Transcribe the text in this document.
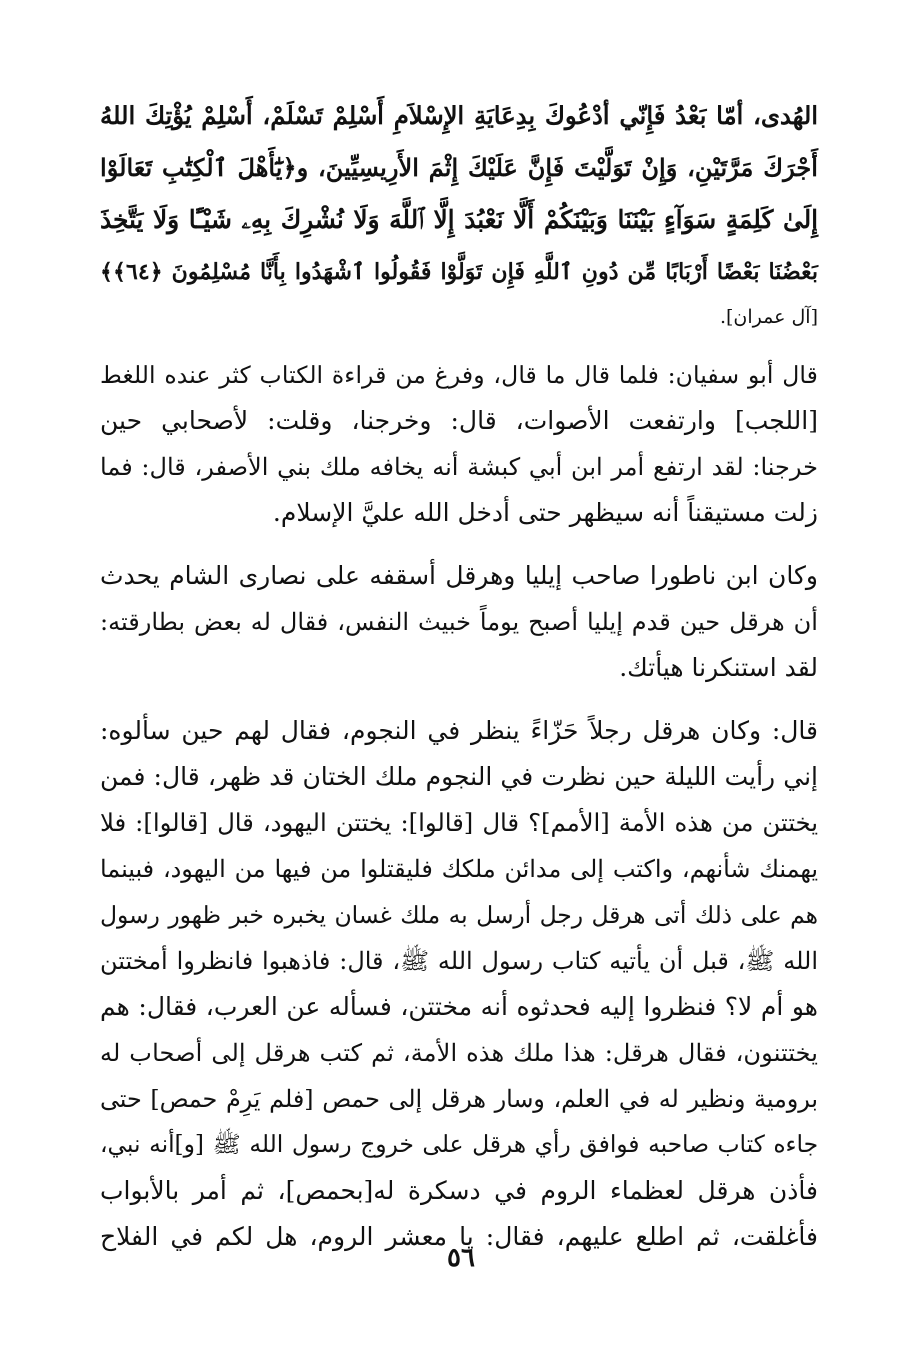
الهُدى، أمّا بَعْدُ فَإِنّي أدْعُوكَ بِدِعَايَةِ الإِسْلاَمِ أَسْلِمْ تَسْلَمْ، أَسْلِمْ يُؤْتِكَ اللهُ
أَجْرَكَ مَرَّتَيْنِ، وَإِنْ تَوَلَّيْتَ فَإِنَّ عَلَيْكَ إِثْمَ الأَرِيسِيِّينَ، و﴿يَٰٓأَهْلَ ٱلْكِتَٰبِ تَعَالَوْا
إِلَىٰ كَلِمَةٍ سَوَآءٍ بَيْنَنَا وَبَيْنَكُمْ أَلَّا نَعْبُدَ إِلَّا ٱللَّهَ وَلَا نُشْرِكَ بِهِۦ شَيْـًٔا وَلَا يَتَّخِذَ
بَعْضُنَا بَعْضًا أَرْبَابًا مِّن دُونِ ٱللَّهِ فَإِن تَوَلَّوْا فَقُولُوا ٱشْهَدُوا بِأَنَّا مُسْلِمُونَ ﴿٦٤﴾﴾
[آل عمران].
قال أبو سفيان: فلما قال ما قال، وفرغ من قراءة الكتاب كثر عنده اللغط
[اللجب] وارتفعت الأصوات، قال: وخرجنا، وقلت: لأصحابي حين
خرجنا: لقد ارتفع أمر ابن أبي كبشة أنه يخافه ملك بني الأصفر، قال: فما
زلت مستيقناً أنه سيظهر حتى أدخل الله عليَّ الإسلام.
وكان ابن ناطورا صاحب إيليا وهرقل أسقفه على نصارى الشام يحدث
أن هرقل حين قدم إيليا أصبح يوماً خبيث النفس، فقال له بعض بطارقته:
لقد استنكرنا هيأتك.
قال: وكان هرقل رجلاً حَزّاءً ينظر في النجوم، فقال لهم حين سألوه:
إني رأيت الليلة حين نظرت في النجوم ملك الختان قد ظهر، قال: فمن
يختتن من هذه الأمة [الأمم]؟ قال [قالوا]: يختتن اليهود، قال [قالوا]: فلا
يهمنك شأنهم، واكتب إلى مدائن ملكك فليقتلوا من فيها من اليهود، فبينما
هم على ذلك أتى هرقل رجل أرسل به ملك غسان يخبره خبر ظهور رسول
الله ﷺ، قبل أن يأتيه كتاب رسول الله ﷺ، قال: فاذهبوا فانظروا أمختتن
هو أم لا؟ فنظروا إليه فحدثوه أنه مختتن، فسأله عن العرب، فقال: هم
يختتنون، فقال هرقل: هذا ملك هذه الأمة، ثم كتب هرقل إلى أصحاب له
برومية ونظير له في العلم، وسار هرقل إلى حمص [فلم يَرِمْ حمص] حتى
جاءه كتاب صاحبه فوافق رأي هرقل على خروج رسول الله ﷺ [و]أنه نبي،
فأذن هرقل لعظماء الروم في دسكرة له[بحمص]، ثم أمر بالأبواب
فأغلقت، ثم اطلع عليهم، فقال: يا معشر الروم، هل لكم في الفلاح
٥٦
